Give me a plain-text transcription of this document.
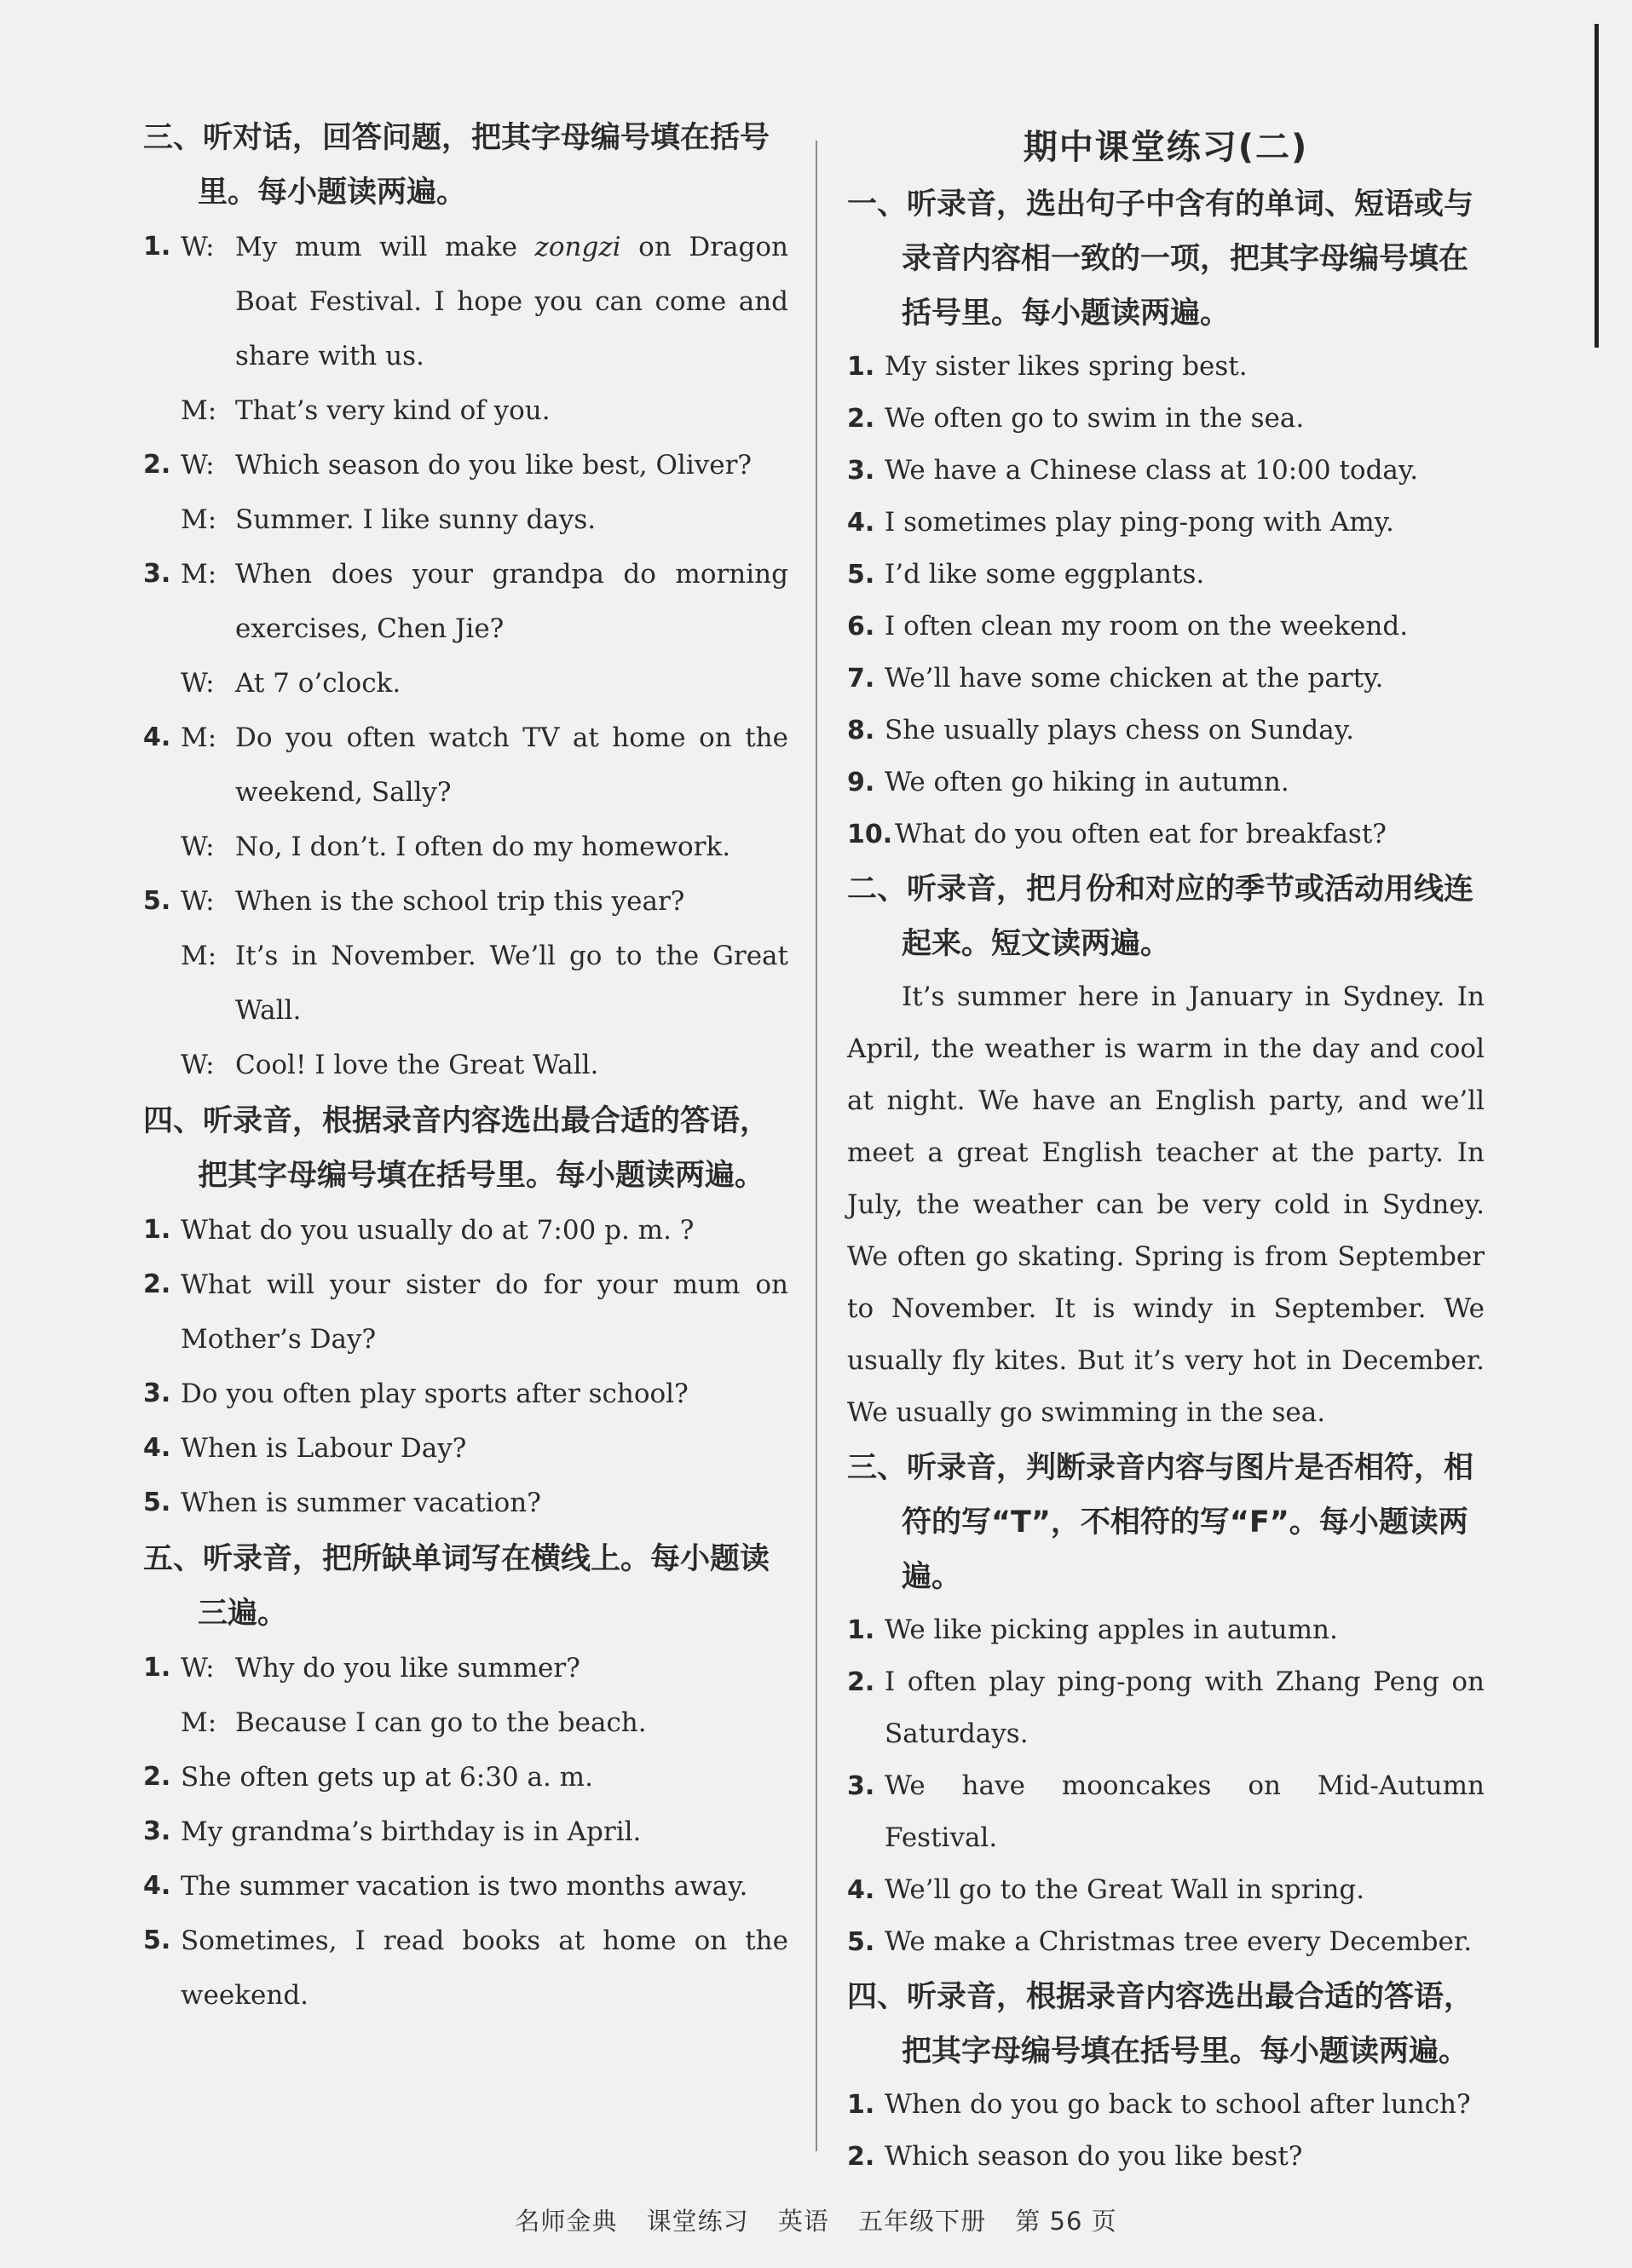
三、听对话，回答问题，把其字母编号填在括号里。每小题读两遍。
1. W: My mum will make zongzi on Dragon Boat Festival. I hope you can come and share with us.
M: That’s very kind of you.
2. W: Which season do you like best, Oliver?
M: Summer. I like sunny days.
3. M: When does your grandpa do morning exercises, Chen Jie?
W: At 7 o’clock.
4. M: Do you often watch TV at home on the weekend, Sally?
W: No, I don’t. I often do my homework.
5. W: When is the school trip this year?
M: It’s in November. We’ll go to the Great Wall.
W: Cool! I love the Great Wall.
四、听录音，根据录音内容选出最合适的答语，把其字母编号填在括号里。每小题读两遍。
1. What do you usually do at 7:00 p. m. ?
2. What will your sister do for your mum on Mother’s Day?
3. Do you often play sports after school?
4. When is Labour Day?
5. When is summer vacation?
五、听录音，把所缺单词写在横线上。每小题读三遍。
1. W: Why do you like summer?
M: Because I can go to the beach.
2. She often gets up at 6:30 a. m.
3. My grandma’s birthday is in April.
4. The summer vacation is two months away.
5. Sometimes, I read books at home on the weekend.
期中课堂练习(二)
一、听录音，选出句子中含有的单词、短语或与录音内容相一致的一项，把其字母编号填在括号里。每小题读两遍。
1. My sister likes spring best.
2. We often go to swim in the sea.
3. We have a Chinese class at 10:00 today.
4. I sometimes play ping-pong with Amy.
5. I’d like some eggplants.
6. I often clean my room on the weekend.
7. We’ll have some chicken at the party.
8. She usually plays chess on Sunday.
9. We often go hiking in autumn.
10. What do you often eat for breakfast?
二、听录音，把月份和对应的季节或活动用线连起来。短文读两遍。
It’s summer here in January in Sydney. In April, the weather is warm in the day and cool at night. We have an English party, and we’ll meet a great English teacher at the party. In July, the weather can be very cold in Sydney. We often go skating. Spring is from September to November. It is windy in September. We usually fly kites. But it’s very hot in December. We usually go swimming in the sea.
三、听录音，判断录音内容与图片是否相符，相符的写“T”，不相符的写“F”。每小题读两遍。
1. We like picking apples in autumn.
2. I often play ping-pong with Zhang Peng on Saturdays.
3. We have mooncakes on Mid-Autumn Festival.
4. We’ll go to the Great Wall in spring.
5. We make a Christmas tree every December.
四、听录音，根据录音内容选出最合适的答语，把其字母编号填在括号里。每小题读两遍。
1. When do you go back to school after lunch?
2. Which season do you like best?
名师金典 课堂练习 英语 五年级下册 第 56 页
